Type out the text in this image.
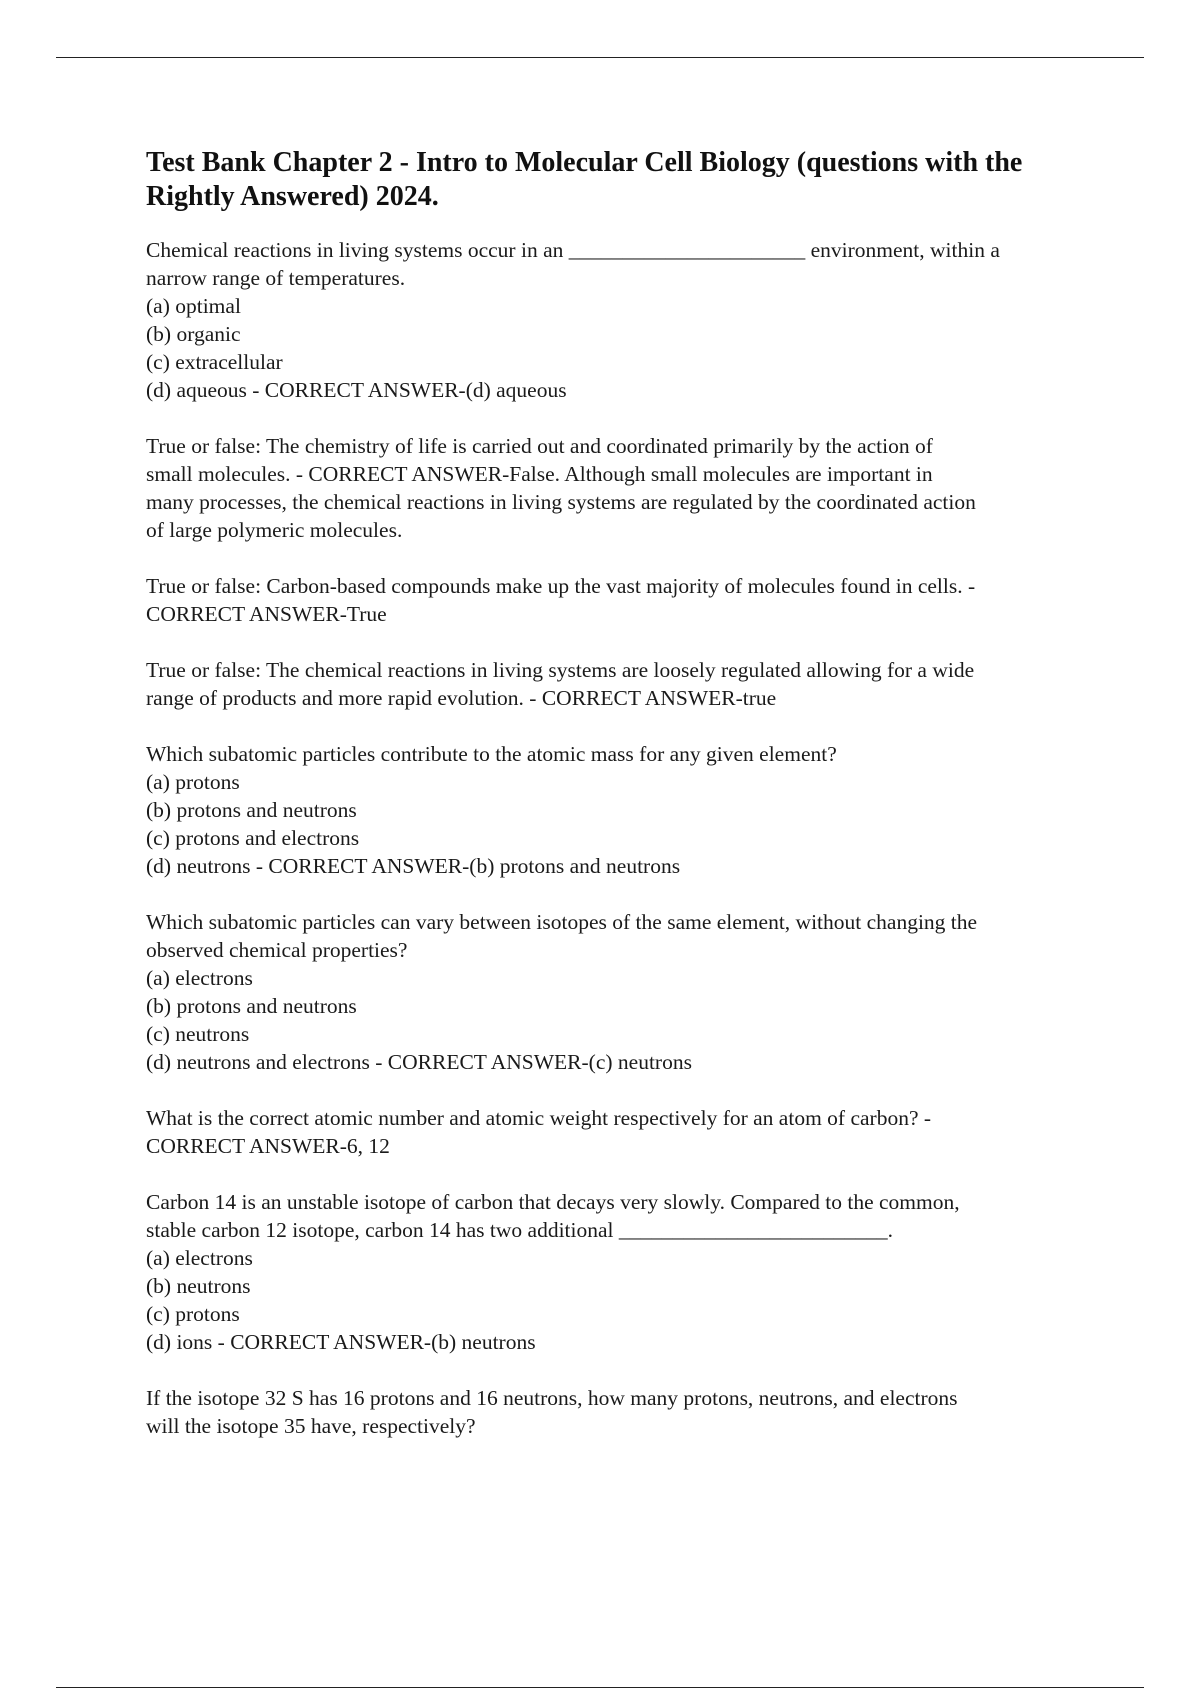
Test Bank Chapter 2 - Intro to Molecular Cell Biology (questions with the Rightly Answered) 2024.
Chemical reactions in living systems occur in an ______________________ environment, within a
narrow range of temperatures.
(a) optimal
(b) organic
(c) extracellular
(d) aqueous - CORRECT ANSWER-(d) aqueous
True or false: The chemistry of life is carried out and coordinated primarily by the action of
small molecules. - CORRECT ANSWER-False. Although small molecules are important in
many processes, the chemical reactions in living systems are regulated by the coordinated action
of large polymeric molecules.
True or false: Carbon-based compounds make up the vast majority of molecules found in cells. -
CORRECT ANSWER-True
True or false: The chemical reactions in living systems are loosely regulated allowing for a wide
range of products and more rapid evolution. - CORRECT ANSWER-true
Which subatomic particles contribute to the atomic mass for any given element?
(a) protons
(b) protons and neutrons
(c) protons and electrons
(d) neutrons - CORRECT ANSWER-(b) protons and neutrons
Which subatomic particles can vary between isotopes of the same element, without changing the
observed chemical properties?
(a) electrons
(b) protons and neutrons
(c) neutrons
(d) neutrons and electrons - CORRECT ANSWER-(c) neutrons
What is the correct atomic number and atomic weight respectively for an atom of carbon? -
CORRECT ANSWER-6, 12
Carbon 14 is an unstable isotope of carbon that decays very slowly. Compared to the common,
stable carbon 12 isotope, carbon 14 has two additional _________________________.
(a) electrons
(b) neutrons
(c) protons
(d) ions - CORRECT ANSWER-(b) neutrons
If the isotope 32 S has 16 protons and 16 neutrons, how many protons, neutrons, and electrons
will the isotope 35 have, respectively?
